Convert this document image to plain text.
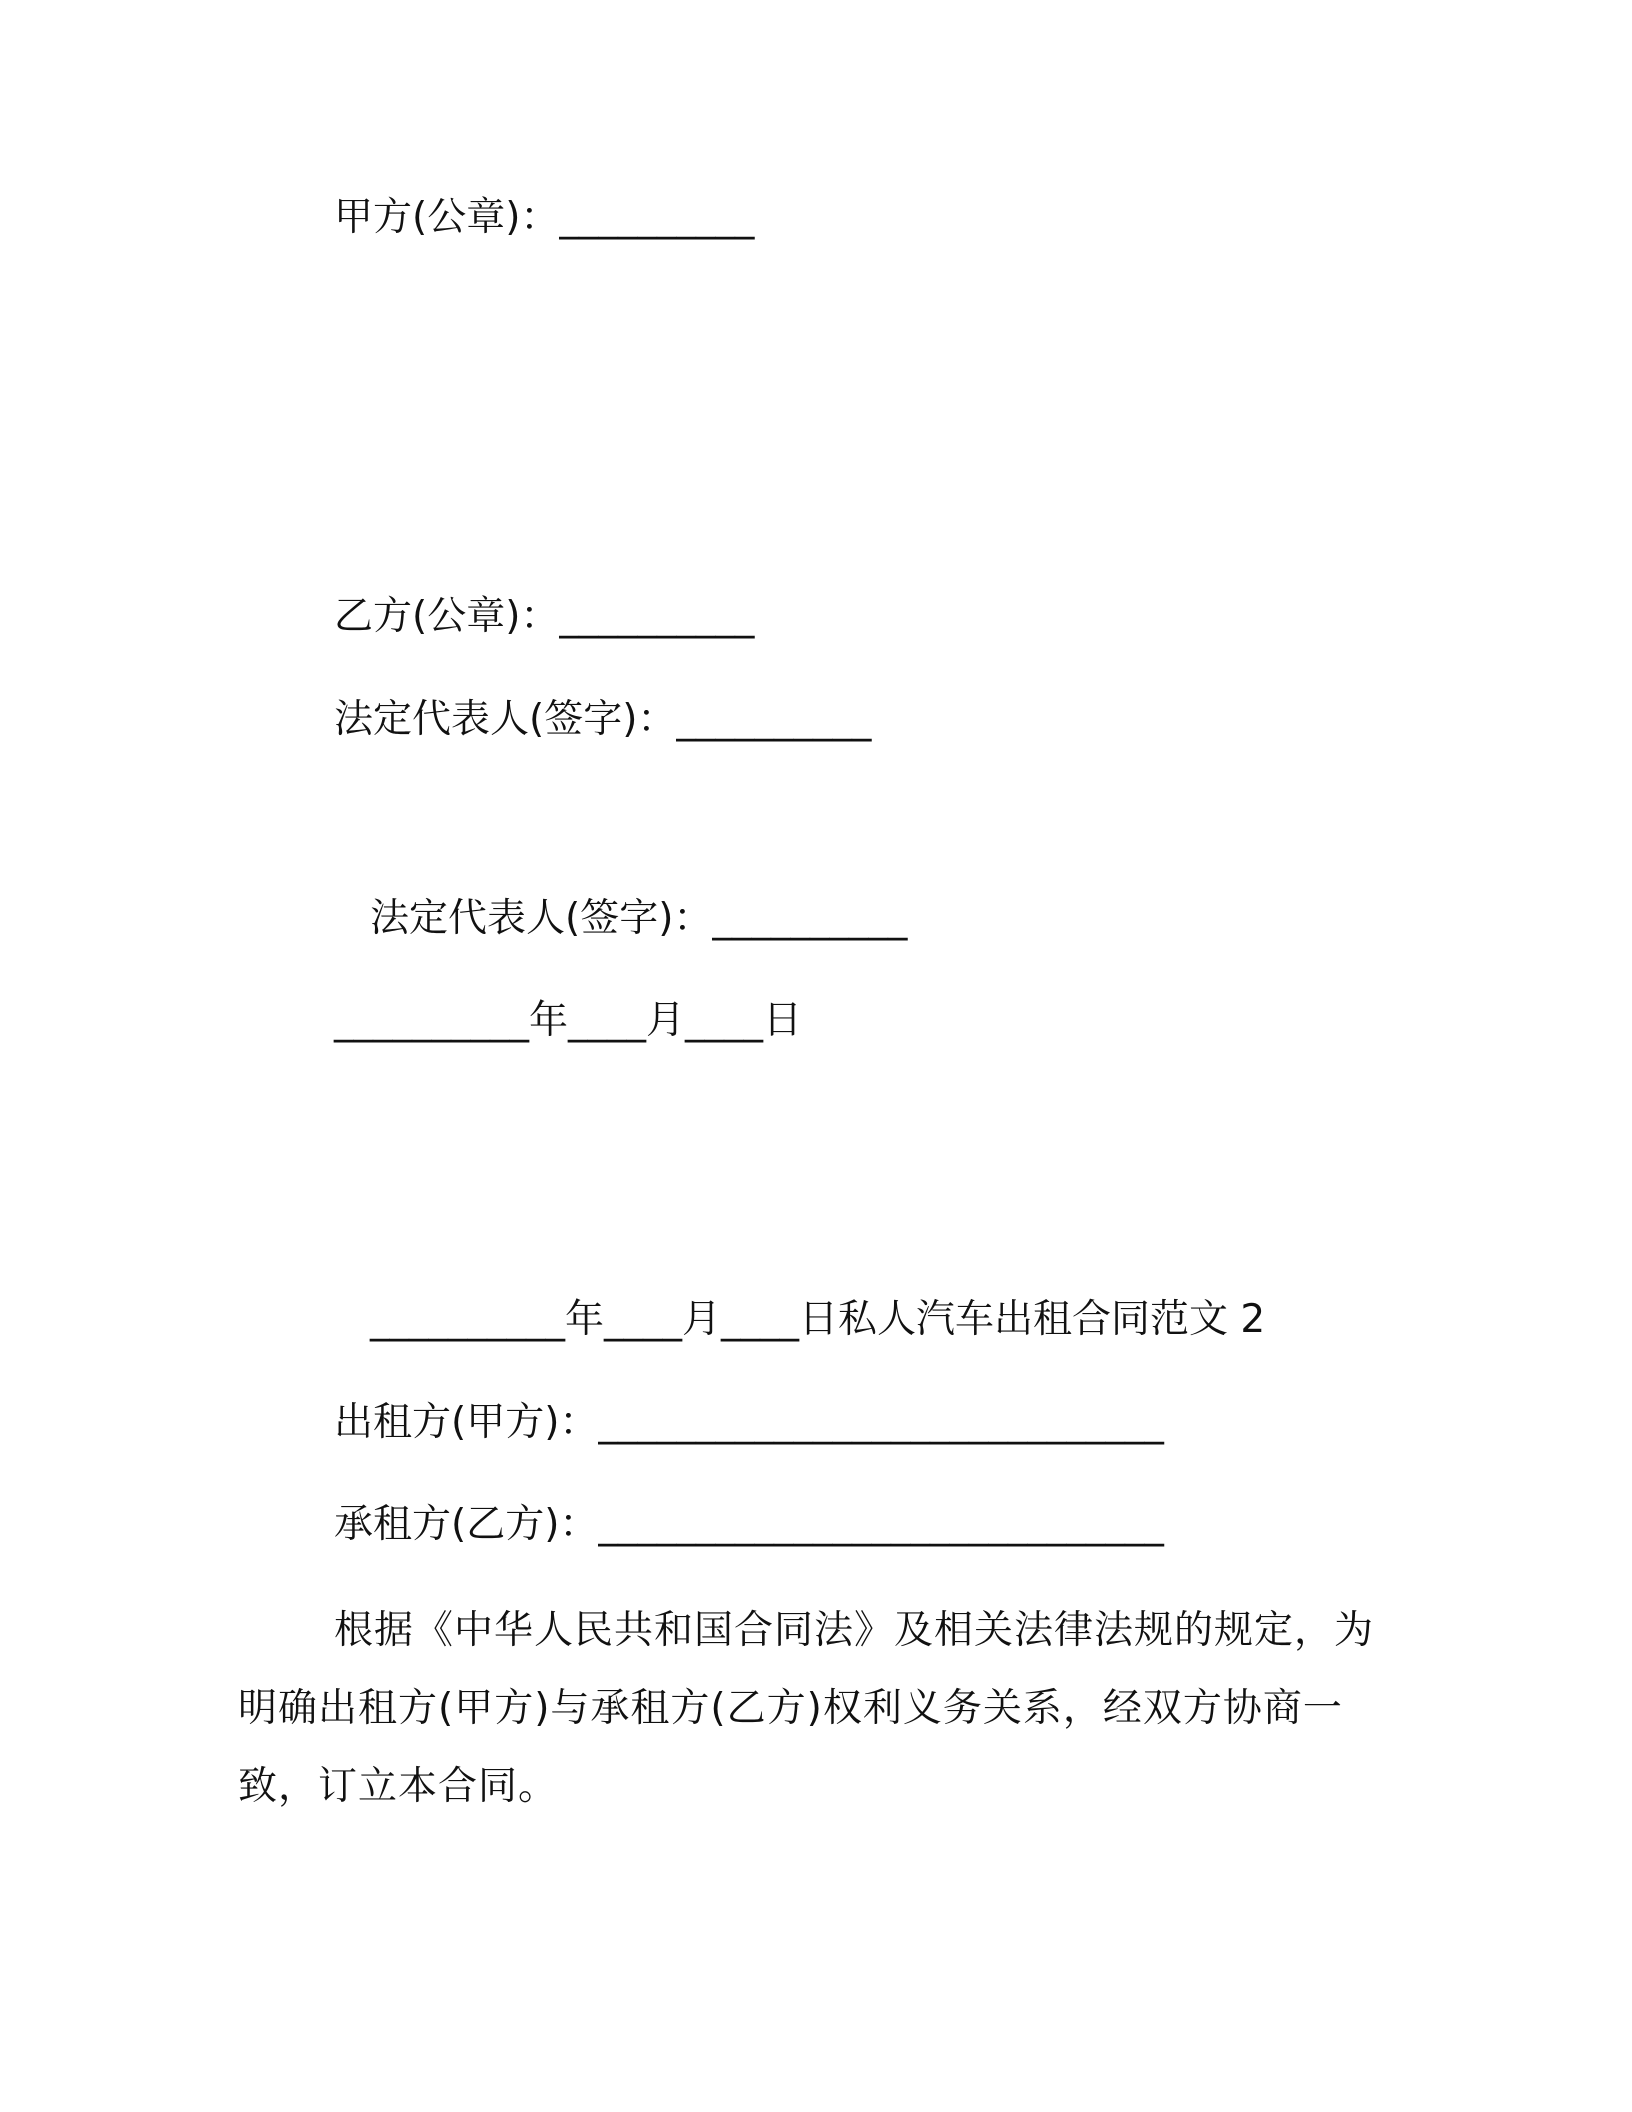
甲方(公章)：__________
乙方(公章)：__________
法定代表人(签字)：__________
法定代表人(签字)：__________
__________年____月____日
__________年____月____日私人汽车出租合同范文 2
出租方(甲方)：_____________________________
承租方(乙方)：_____________________________
根据《中华人民共和国合同法》及相关法律法规的规定，为明确出租方(甲方)与承租方(乙方)权利义务关系，经双方协商一致，订立本合同。
